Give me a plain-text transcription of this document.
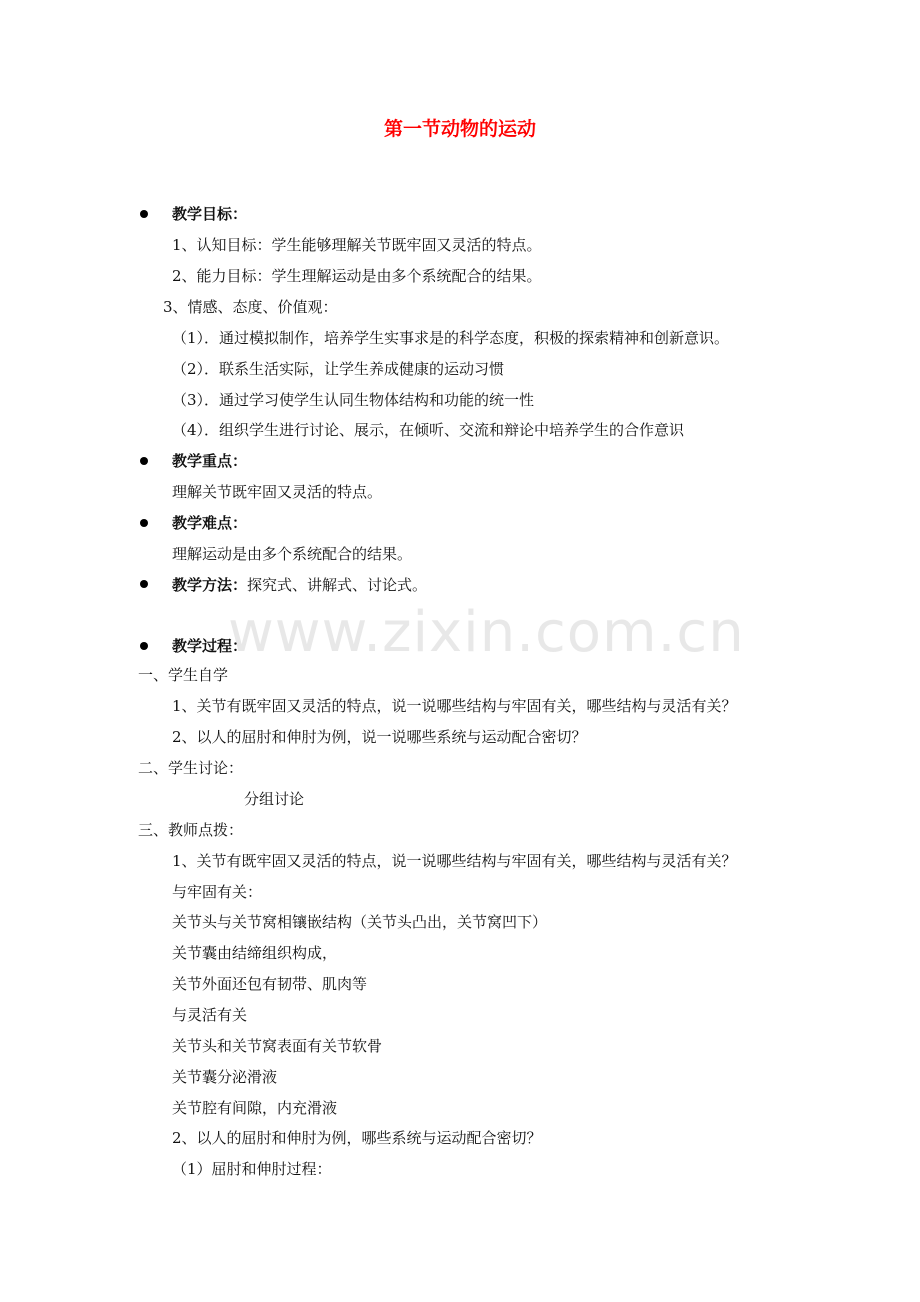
www.zixin.com.cn
第一节动物的运动
教学目标：
1、认知目标：学生能够理解关节既牢固又灵活的特点。
2、能力目标：学生理解运动是由多个系统配合的结果。
3、情感、态度、价值观：
（1）．通过模拟制作，培养学生实事求是的科学态度，积极的探索精神和创新意识。
（2）．联系生活实际，让学生养成健康的运动习惯
（3）．通过学习使学生认同生物体结构和功能的统一性
（4）．组织学生进行讨论、展示，在倾听、交流和辩论中培养学生的合作意识
教学重点：
理解关节既牢固又灵活的特点。
教学难点：
理解运动是由多个系统配合的结果。
教学方法：探究式、讲解式、讨论式。
教学过程：
一、学生自学
1、关节有既牢固又灵活的特点，说一说哪些结构与牢固有关，哪些结构与灵活有关？
2、以人的屈肘和伸肘为例，说一说哪些系统与运动配合密切？
二、学生讨论：
分组讨论
三、教师点拨：
1、关节有既牢固又灵活的特点，说一说哪些结构与牢固有关，哪些结构与灵活有关？
与牢固有关：
关节头与关节窝相镶嵌结构（关节头凸出，关节窝凹下）
关节囊由结缔组织构成，
关节外面还包有韧带、肌肉等
与灵活有关
关节头和关节窝表面有关节软骨
关节囊分泌滑液
关节腔有间隙，内充滑液
2、以人的屈肘和伸肘为例，哪些系统与运动配合密切？
（1）屈肘和伸肘过程：
